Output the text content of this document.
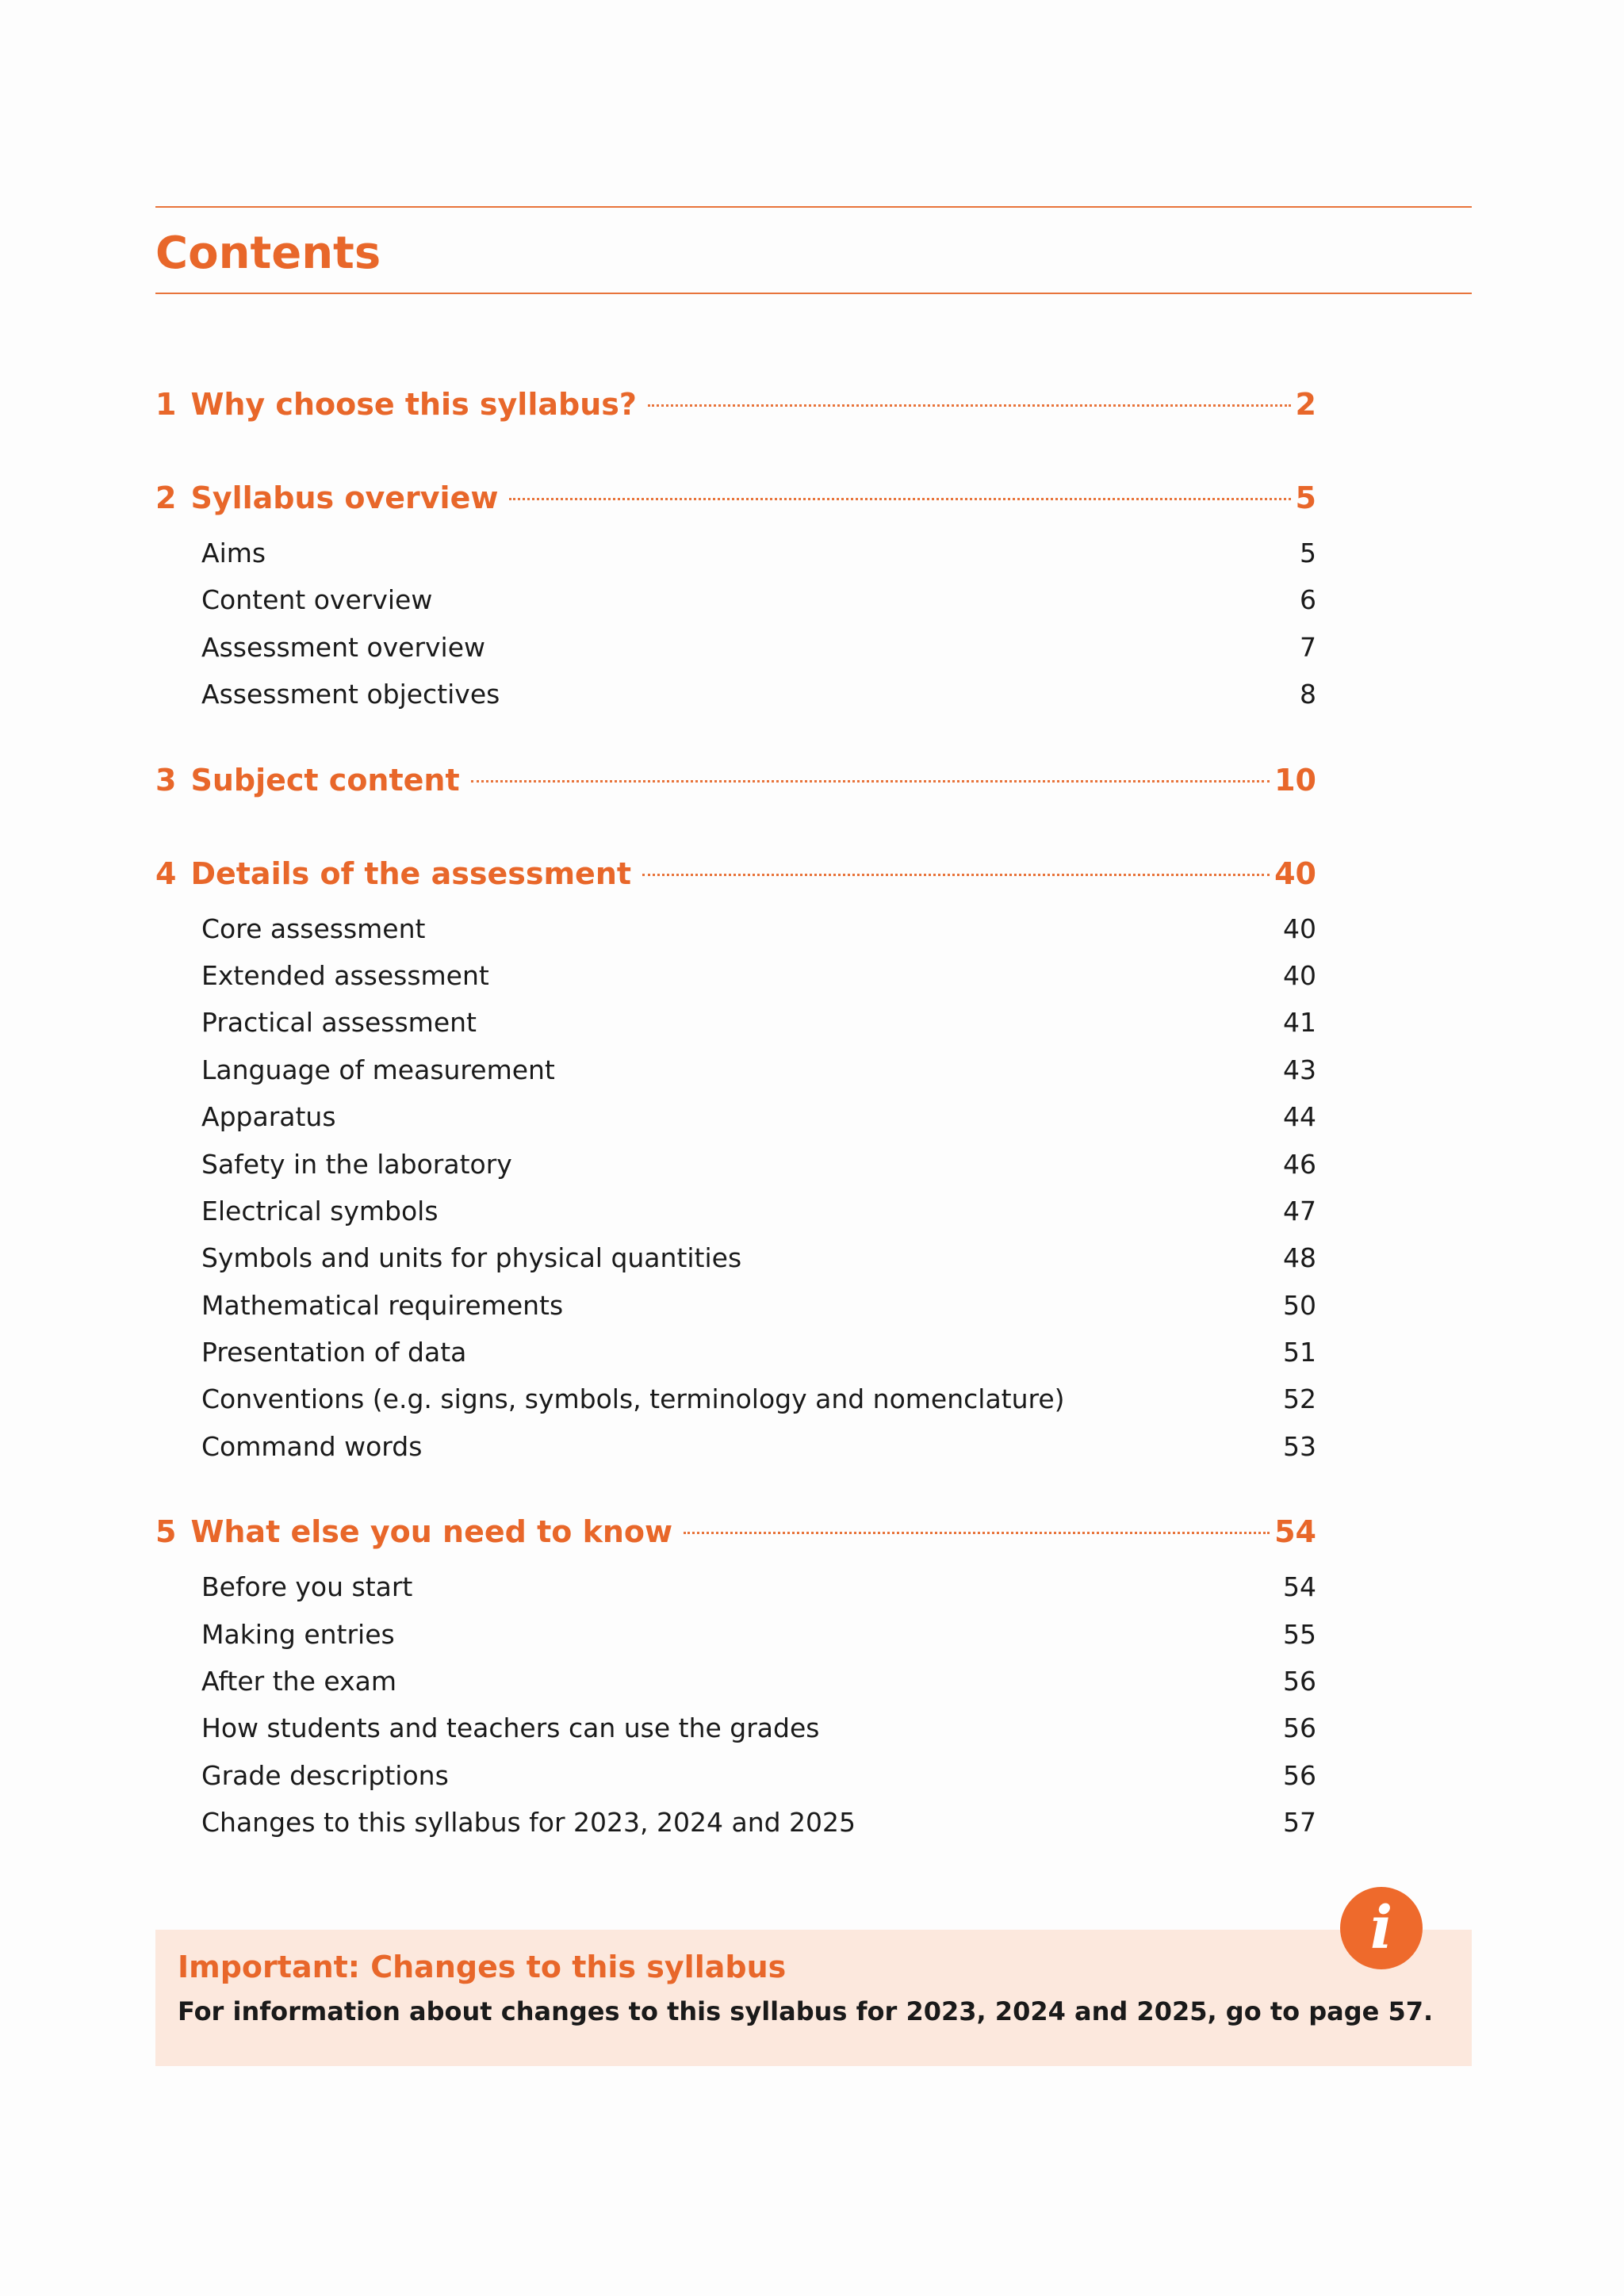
Contents
1 Why choose this syllabus?	2
2 Syllabus overview	5
Aims	5
Content overview	6
Assessment overview	7
Assessment objectives	8
3 Subject content	10
4 Details of the assessment	40
Core assessment	40
Extended assessment	40
Practical assessment	41
Language of measurement	43
Apparatus	44
Safety in the laboratory	46
Electrical symbols	47
Symbols and units for physical quantities	48
Mathematical requirements	50
Presentation of data	51
Conventions (e.g. signs, symbols, terminology and nomenclature)	52
Command words	53
5 What else you need to know	54
Before you start	54
Making entries	55
After the exam	56
How students and teachers can use the grades	56
Grade descriptions	56
Changes to this syllabus for 2023, 2024 and 2025	57
Important: Changes to this syllabus

For information about changes to this syllabus for 2023, 2024 and 2025, go to page 57.

i
